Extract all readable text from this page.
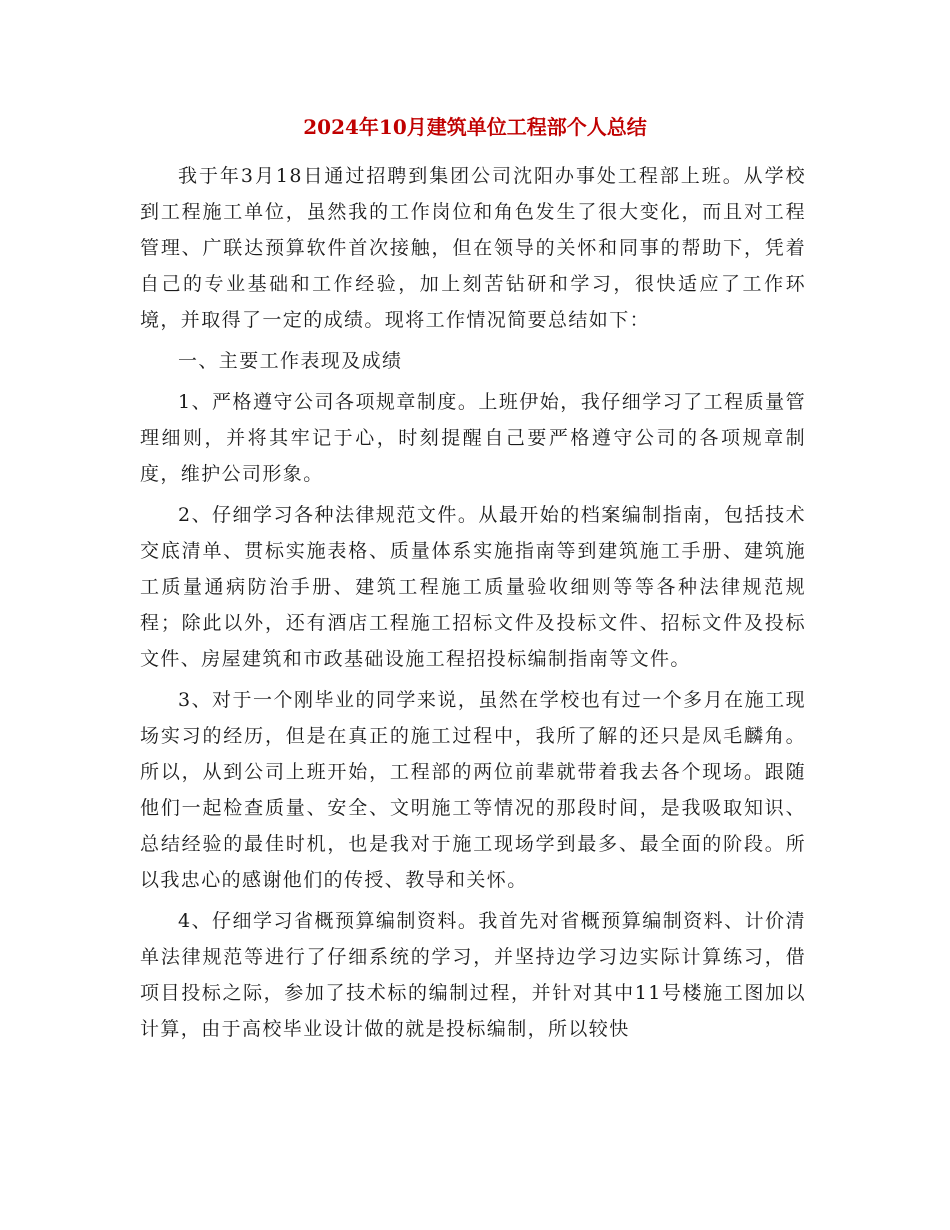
2024年10月建筑单位工程部个人总结

我于年3月18日通过招聘到集团公司沈阳办事处工程部上班。从学校到工程施工单位，虽然我的工作岗位和角色发生了很大变化，而且对工程管理、广联达预算软件首次接触，但在领导的关怀和同事的帮助下，凭着自己的专业基础和工作经验，加上刻苦钻研和学习，很快适应了工作环境，并取得了一定的成绩。现将工作情况简要总结如下：

一、主要工作表现及成绩

1、严格遵守公司各项规章制度。上班伊始，我仔细学习了工程质量管理细则，并将其牢记于心，时刻提醒自己要严格遵守公司的各项规章制度，维护公司形象。

2、仔细学习各种法律规范文件。从最开始的档案编制指南，包括技术交底清单、贯标实施表格、质量体系实施指南等到建筑施工手册、建筑施工质量通病防治手册、建筑工程施工质量验收细则等等各种法律规范规程；除此以外，还有酒店工程施工招标文件及投标文件、招标文件及投标文件、房屋建筑和市政基础设施工程招投标编制指南等文件。

3、对于一个刚毕业的同学来说，虽然在学校也有过一个多月在施工现场实习的经历，但是在真正的施工过程中，我所了解的还只是凤毛麟角。所以，从到公司上班开始，工程部的两位前辈就带着我去各个现场。跟随他们一起检查质量、安全、文明施工等情况的那段时间，是我吸取知识、总结经验的最佳时机，也是我对于施工现场学到最多、最全面的阶段。所以我忠心的感谢他们的传授、教导和关怀。

4、仔细学习省概预算编制资料。我首先对省概预算编制资料、计价清单法律规范等进行了仔细系统的学习，并坚持边学习边实际计算练习，借项目投标之际，参加了技术标的编制过程，并针对其中11号楼施工图加以计算，由于高校毕业设计做的就是投标编制，所以较快
